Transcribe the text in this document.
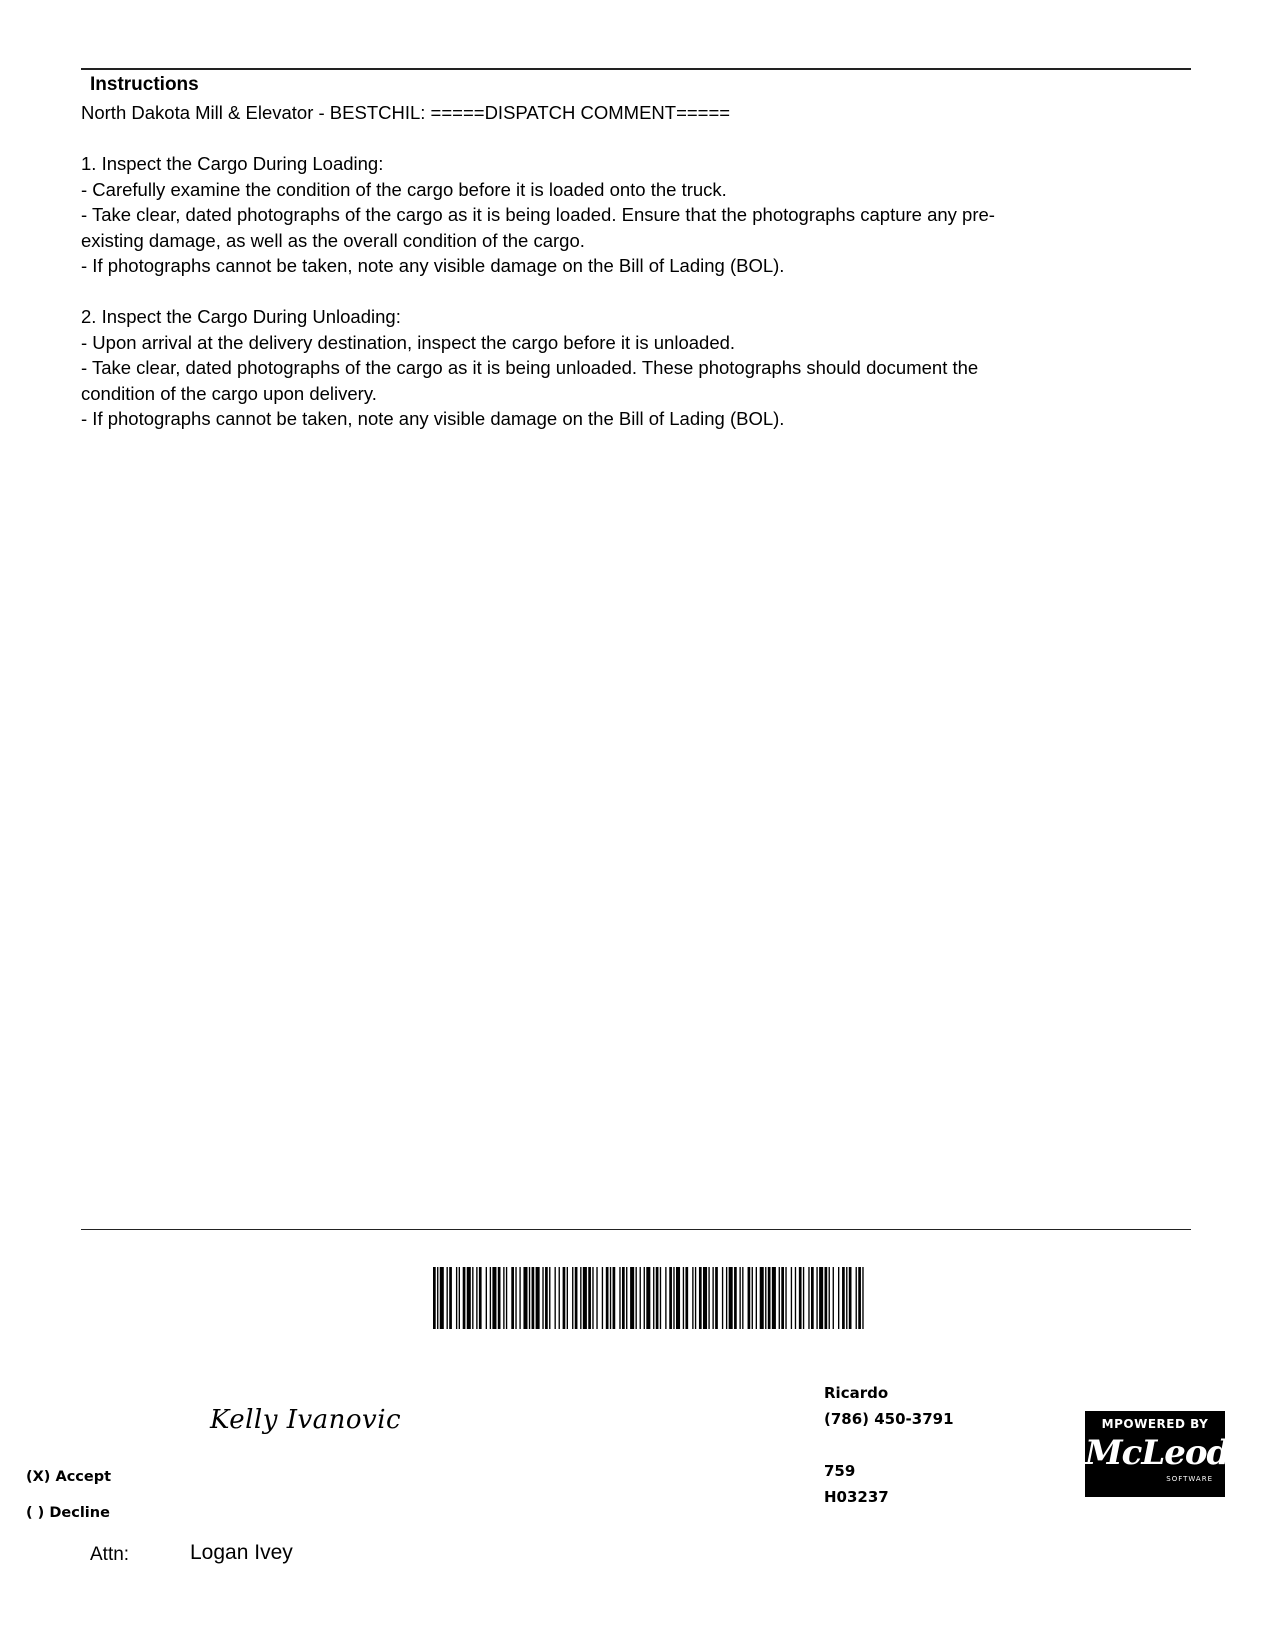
Instructions
North Dakota Mill & Elevator - BESTCHIL: =====DISPATCH COMMENT=====

1. Inspect the Cargo During Loading:
- Carefully examine the condition of the cargo before it is loaded onto the truck.
- Take clear, dated photographs of the cargo as it is being loaded. Ensure that the photographs capture any pre-
existing damage, as well as the overall condition of the cargo.
- If photographs cannot be taken, note any visible damage on the Bill of Lading (BOL).

2. Inspect the Cargo During Unloading:
- Upon arrival at the delivery destination, inspect the cargo before it is unloaded.
- Take clear, dated photographs of the cargo as it is being unloaded. These photographs should document the
condition of the cargo upon delivery.
- If photographs cannot be taken, note any visible damage on the Bill of Lading (BOL).
Kelly Ivanovic
(X) Accept
( ) Decline
Attn:	Logan Ivey
Ricardo
(786) 450-3791
759
H03237
MPOWERED BY
McLeod
SOFTWARE
